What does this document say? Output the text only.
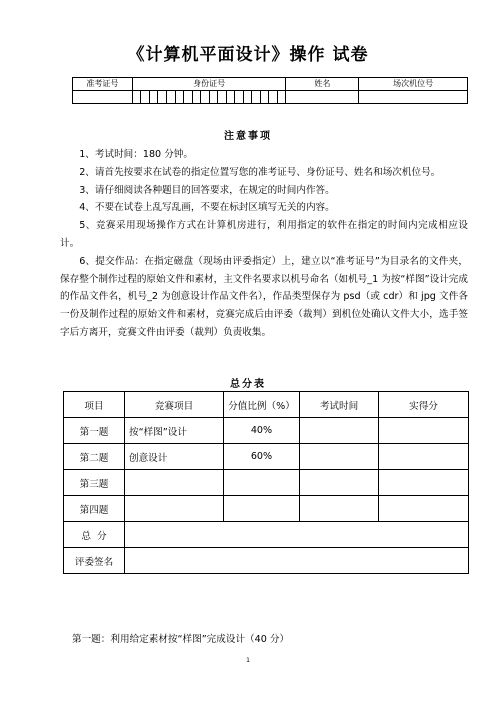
《计算机平面设计》操作 试卷
准考证号	身份证号	姓名	场次机位号

注意事项

1、考试时间：180 分钟。

2、请首先按要求在试卷的指定位置写您的准考证号、身份证号、姓名和场次机位号。

3、请仔细阅读各种题目的回答要求，在规定的时间内作答。

4、不要在试卷上乱写乱画，不要在标封区填写无关的内容。

5、竞赛采用现场操作方式在计算机房进行，利用指定的软件在指定的时间内完成相应设计。

6、提交作品：在指定磁盘（现场由评委指定）上，建立以“准考证号”为目录名的文件夹，保存整个制作过程的原始文件和素材，主文件名要求以机号命名（如机号_1 为按“样图”设计完成的作品文件名，机号_2 为创意设计作品文件名），作品类型保存为 psd（或 cdr）和 jpg 文件各一份及制作过程的原始文件和素材，竞赛完成后由评委（裁判）到机位处确认文件大小，选手签字后方离开，竞赛文件由评委（裁判）负责收集。

总分表
项目	竞赛项目	分值比例（%）	考试时间	实得分
第一题	按“样图”设计	40%		
第二题	创意设计	60%		
第三题				
第四题				
总  分				
评委签名				
第一题：利用给定素材按“样图”完成设计（40 分）
1
